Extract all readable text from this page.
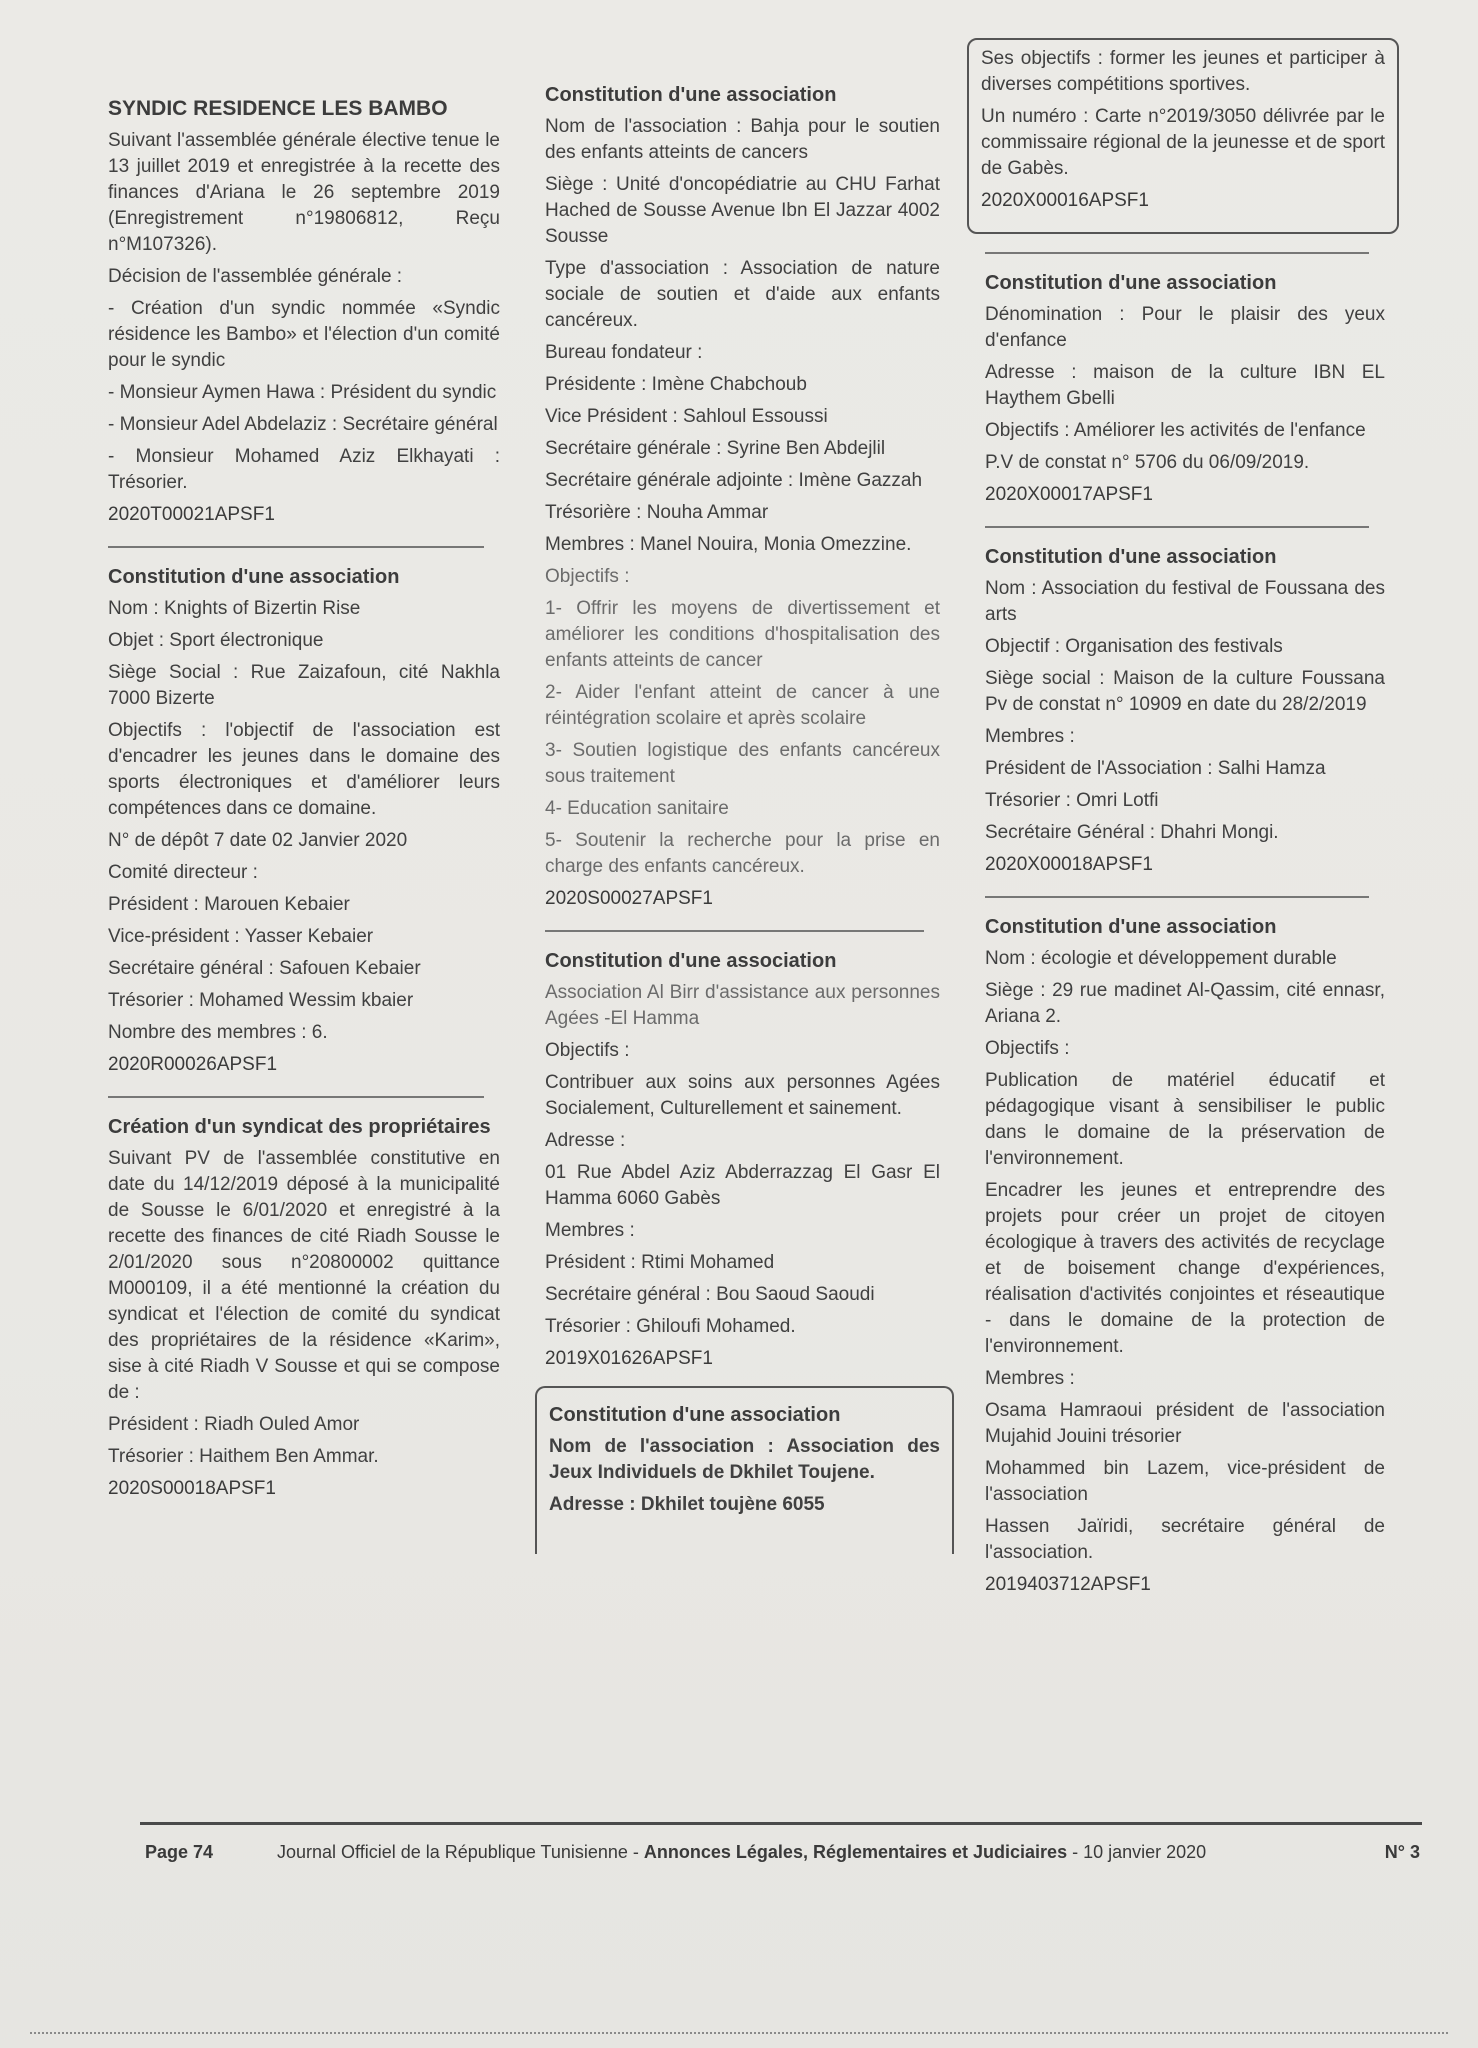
SYNDIC RESIDENCE LES BAMBO
Suivant l'assemblée générale élective tenue le 13 juillet 2019 et enregistrée à la recette des finances d'Ariana le 26 septembre 2019 (Enregistrement n°19806812, Reçu n°M107326).
Décision de l'assemblée générale :
- Création d'un syndic nommée «Syndic résidence les Bambo» et l'élection d'un comité pour le syndic
- Monsieur Aymen Hawa : Président du syndic
- Monsieur Adel Abdelaziz : Secrétaire général
- Monsieur Mohamed Aziz Elkhayati : Trésorier.
2020T00021APSF1
Constitution d'une association
Nom : Knights of Bizertin Rise
Objet : Sport électronique
Siège Social : Rue Zaizafoun, cité Nakhla 7000 Bizerte
Objectifs : l'objectif de l'association est d'encadrer les jeunes dans le domaine des sports électroniques et d'améliorer leurs compétences dans ce domaine.
N° de dépôt 7 date 02 Janvier 2020
Comité directeur :
Président : Marouen Kebaier
Vice-président : Yasser Kebaier
Secrétaire général : Safouen Kebaier
Trésorier : Mohamed Wessim kbaier
Nombre des membres : 6.
2020R00026APSF1
Création d'un syndicat des propriétaires
Suivant PV de l'assemblée constitutive en date du 14/12/2019 déposé à la municipalité de Sousse le 6/01/2020 et enregistré à la recette des finances de cité Riadh Sousse le 2/01/2020 sous n°20800002 quittance M000109, il a été mentionné la création du syndicat et l'élection de comité du syndicat des propriétaires de la résidence «Karim», sise à cité Riadh V Sousse et qui se compose de :
Président : Riadh Ouled Amor
Trésorier : Haithem Ben Ammar.
2020S00018APSF1
Constitution d'une association
Nom de l'association : Bahja pour le soutien des enfants atteints de cancers
Siège : Unité d'oncopédiatrie au CHU Farhat Hached de Sousse Avenue Ibn El Jazzar 4002 Sousse
Type d'association : Association de nature sociale de soutien et d'aide aux enfants cancéreux.
Bureau fondateur :
Présidente : Imène Chabchoub
Vice Président : Sahloul Essoussi
Secrétaire générale : Syrine Ben Abdejlil
Secrétaire générale adjointe : Imène Gazzah
Trésorière : Nouha Ammar
Membres : Manel Nouira, Monia Omezzine.
Objectifs :
1- Offrir les moyens de divertissement et améliorer les conditions d'hospitalisation des enfants atteints de cancer
2- Aider l'enfant atteint de cancer à une réintégration scolaire et après scolaire
3- Soutien logistique des enfants cancéreux sous traitement
4- Education sanitaire
5- Soutenir la recherche pour la prise en charge des enfants cancéreux.
2020S00027APSF1
Constitution d'une association
Association Al Birr d'assistance aux personnes Agées -El Hamma
Objectifs :
Contribuer aux soins aux personnes Agées Socialement, Culturellement et sainement.
Adresse :
01 Rue Abdel Aziz Abderrazzag El Gasr El Hamma 6060 Gabès
Membres :
Président : Rtimi Mohamed
Secrétaire général : Bou Saoud Saoudi
Trésorier : Ghiloufi Mohamed.
2019X01626APSF1
Constitution d'une association
Nom de l'association : Association des Jeux Individuels de Dkhilet Toujene.
Adresse : Dkhilet toujène 6055
Ses objectifs : former les jeunes et participer à diverses compétitions sportives.
Un numéro : Carte n°2019/3050 délivrée par le commissaire régional de la jeunesse et de sport de Gabès.
2020X00016APSF1
Constitution d'une association
Dénomination : Pour le plaisir des yeux d'enfance
Adresse : maison de la culture IBN EL Haythem Gbelli
Objectifs : Améliorer les activités de l'enfance
P.V de constat n° 5706 du 06/09/2019.
2020X00017APSF1
Constitution d'une association
Nom : Association du festival de Foussana des arts
Objectif : Organisation des festivals
Siège social : Maison de la culture Foussana Pv de constat n° 10909 en date du 28/2/2019
Membres :
Président de l'Association : Salhi Hamza
Trésorier : Omri Lotfi
Secrétaire Général : Dhahri Mongi.
2020X00018APSF1
Constitution d'une association
Nom : écologie et développement durable
Siège : 29 rue madinet Al-Qassim, cité ennasr, Ariana 2.
Objectifs :
Publication de matériel éducatif et pédagogique visant à sensibiliser le public dans le domaine de la préservation de l'environnement.
Encadrer les jeunes et entreprendre des projets pour créer un projet de citoyen écologique à travers des activités de recyclage et de boisement change d'expériences, réalisation d'activités conjointes et réseautique - dans le domaine de la protection de l'environnement.
Membres :
Osama Hamraoui président de l'association Mujahid Jouini trésorier
Mohammed bin Lazem, vice-président de l'association
Hassen Jaïridi, secrétaire général de l'association.
2019403712APSF1
Page 74	Journal Officiel de la République Tunisienne - Annonces Légales, Réglementaires et Judiciaires - 10 janvier 2020	N° 3
